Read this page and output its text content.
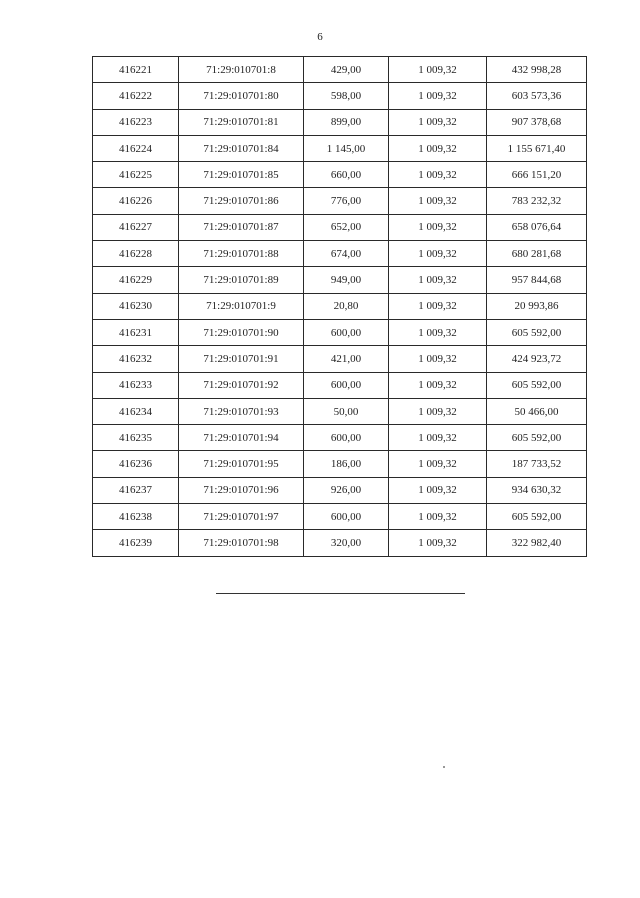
6
416221	71:29:010701:8	429,00	1 009,32	432 998,28
416222	71:29:010701:80	598,00	1 009,32	603 573,36
416223	71:29:010701:81	899,00	1 009,32	907 378,68
416224	71:29:010701:84	1 145,00	1 009,32	1 155 671,40
416225	71:29:010701:85	660,00	1 009,32	666 151,20
416226	71:29:010701:86	776,00	1 009,32	783 232,32
416227	71:29:010701:87	652,00	1 009,32	658 076,64
416228	71:29:010701:88	674,00	1 009,32	680 281,68
416229	71:29:010701:89	949,00	1 009,32	957 844,68
416230	71:29:010701:9	20,80	1 009,32	20 993,86
416231	71:29:010701:90	600,00	1 009,32	605 592,00
416232	71:29:010701:91	421,00	1 009,32	424 923,72
416233	71:29:010701:92	600,00	1 009,32	605 592,00
416234	71:29:010701:93	50,00	1 009,32	50 466,00
416235	71:29:010701:94	600,00	1 009,32	605 592,00
416236	71:29:010701:95	186,00	1 009,32	187 733,52
416237	71:29:010701:96	926,00	1 009,32	934 630,32
416238	71:29:010701:97	600,00	1 009,32	605 592,00
416239	71:29:010701:98	320,00	1 009,32	322 982,40
